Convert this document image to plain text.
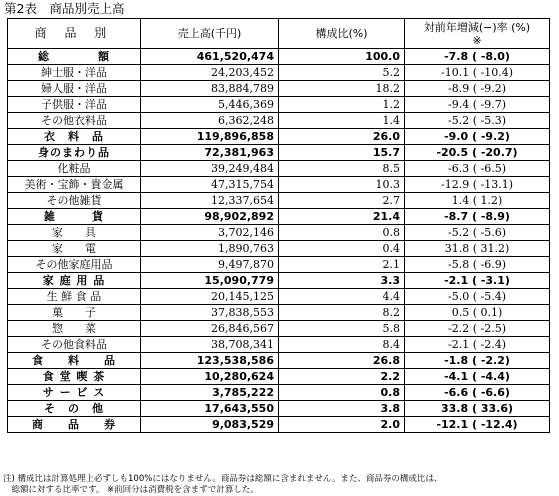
第2表　商品別売上高
商 品 別	売上高(千円)	構成比(%)	対前年増減(−)率 (%)
※

総　　　　額	461,520,474	100.0	-7.8 ( -8.0)
紳士服・洋品	24,203,452	5.2	-10.1 ( -10.4)
婦人服・洋品	83,884,789	18.2	-8.9 ( -9.2)
子供服・洋品	5,446,369	1.2	-9.4 ( -9.7)
その他衣料品	6,362,248	1.4	-5.2 ( -5.3)
衣　料　品	119,896,858	26.0	-9.0 ( -9.2)
身のまわり品	72,381,963	15.7	-20.5 ( -20.7)
化粧品	39,249,484	8.5	-6.3 ( -6.5)
美術・宝飾・貴金属	47,315,754	10.3	-12.9 ( -13.1)
その他雑貨	12,337,654	2.7	1.4 ( 1.2)
雑　　　貨	98,902,892	21.4	-8.7 ( -8.9)
家　　具	3,702,146	0.8	-5.2 ( -5.6)
家　　電	1,890,763	0.4	31.8 ( 31.2)
その他家庭用品	9,497,870	2.1	-5.8 ( -6.9)
家 庭 用 品	15,090,779	3.3	-2.1 ( -3.1)
生 鮮 食 品	20,145,125	4.4	-5.0 ( -5.4)
菓　　子	37,838,553	8.2	0.5 ( 0.1)
惣　　菜	26,846,567	5.8	-2.2 ( -2.5)
その他食料品	38,708,341	8.4	-2.1 ( -2.4)
食　　料　　品	123,538,586	26.8	-1.8 ( -2.2)
食 堂 喫 茶	10,280,624	2.2	-4.1 ( -4.4)
サ ー ビ ス	3,785,222	0.8	-6.6 ( -6.6)
そ　の　他	17,643,550	3.8	33.8 ( 33.6)
商　　品　　券	9,083,529	2.0	-12.1 ( -12.4)
注) 構成比は計算処理上必ずしも100%にはなりません。商品券は総額に含まれません。また、商品券の構成比は、
　総額に対する比率です。 ※前回分は消費税を含まずで計算した。
